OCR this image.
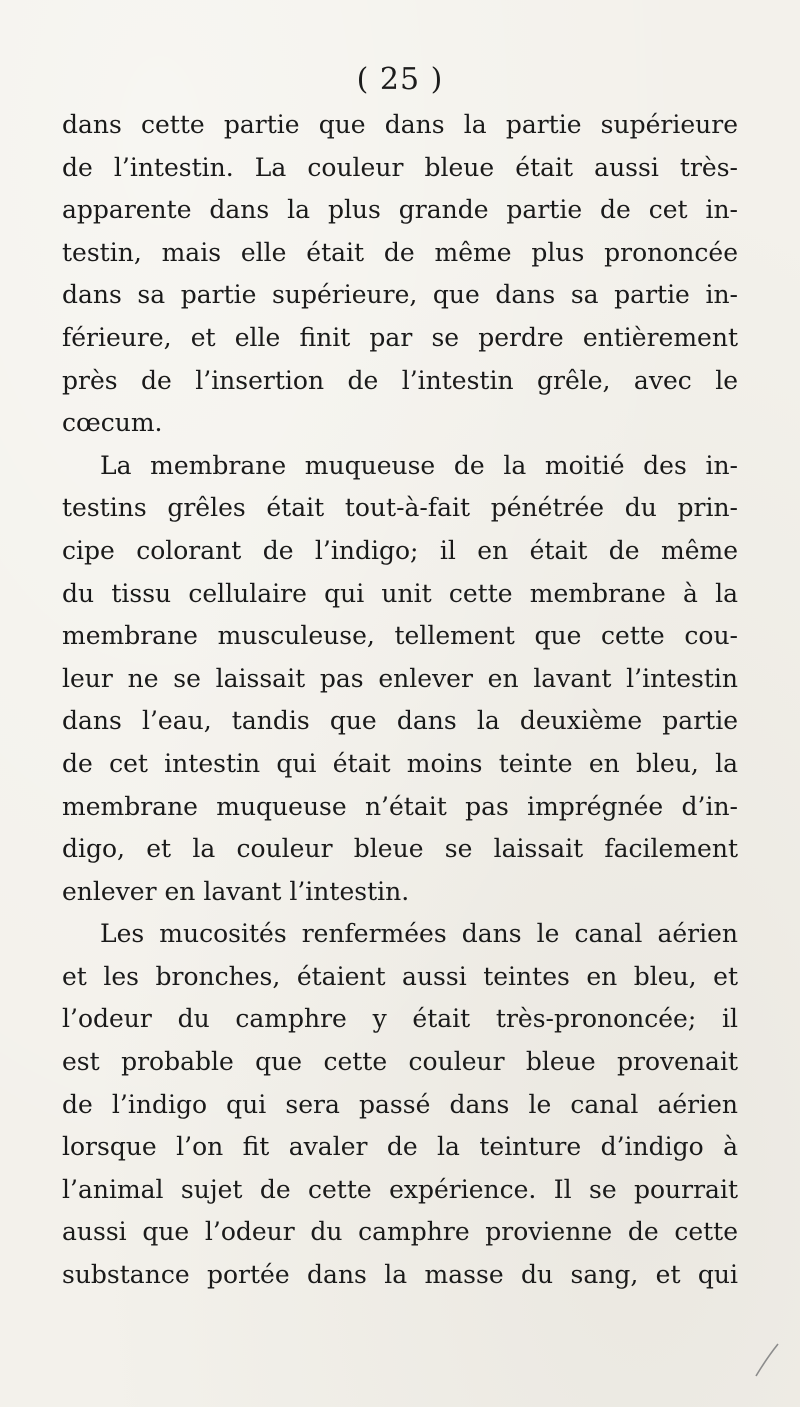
( 25 )
dans cette partie que dans la partie supérieure
de l’intestin. La couleur bleue était aussi très-
apparente dans la plus grande partie de cet in-
testin, mais elle était de même plus prononcée
dans sa partie supérieure, que dans sa partie in-
férieure, et elle finit par se perdre entièrement
près de l’insertion de l’intestin grêle, avec le
cœcum.
La membrane muqueuse de la moitié des in-
testins grêles était tout-à-fait pénétrée du prin-
cipe colorant de l’indigo; il en était de même
du tissu cellulaire qui unit cette membrane à la
membrane musculeuse, tellement que cette cou-
leur ne se laissait pas enlever en lavant l’intestin
dans l’eau, tandis que dans la deuxième partie
de cet intestin qui était moins teinte en bleu, la
membrane muqueuse n’était pas imprégnée d’in-
digo, et la couleur bleue se laissait facilement
enlever en lavant l’intestin.
Les mucosités renfermées dans le canal aérien
et les bronches, étaient aussi teintes en bleu, et
l’odeur du camphre y était très-prononcée; il
est probable que cette couleur bleue provenait
de l’indigo qui sera passé dans le canal aérien
lorsque l’on fit avaler de la teinture d’indigo à
l’animal sujet de cette expérience. Il se pourrait
aussi que l’odeur du camphre provienne de cette
substance portée dans la masse du sang, et qui
